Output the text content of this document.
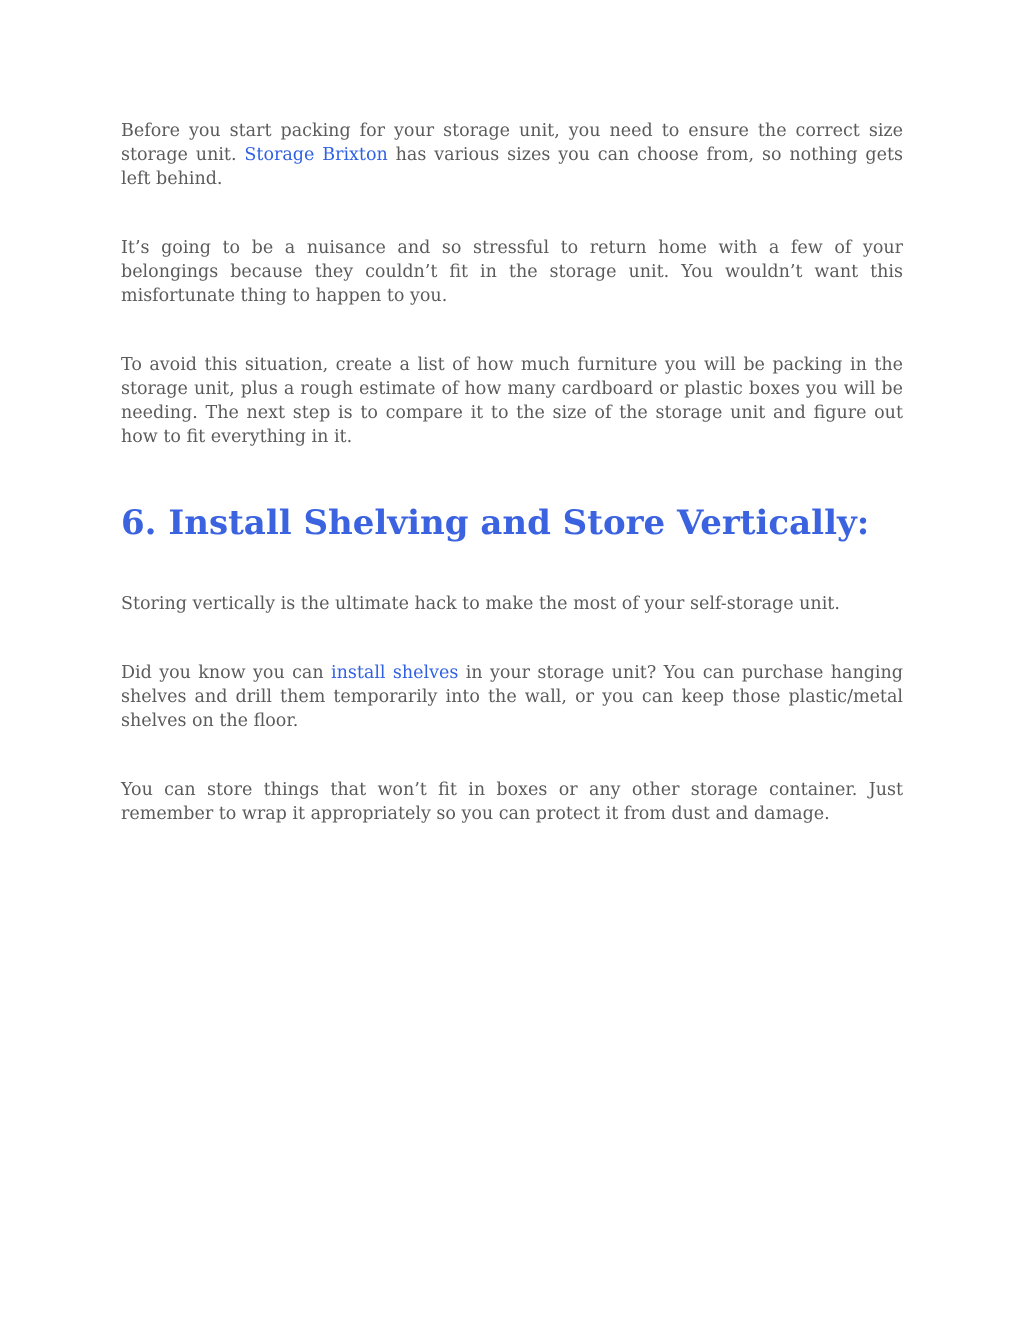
Before you start packing for your storage unit, you need to ensure the correct size storage unit. Storage Brixton has various sizes you can choose from, so nothing gets left behind.

It’s going to be a nuisance and so stressful to return home with a few of your belongings because they couldn’t fit in the storage unit. You wouldn’t want this misfortunate thing to happen to you.

To avoid this situation, create a list of how much furniture you will be packing in the storage unit, plus a rough estimate of how many cardboard or plastic boxes you will be needing. The next step is to compare it to the size of the storage unit and figure out how to fit everything in it.

6. Install Shelving and Store Vertically:

Storing vertically is the ultimate hack to make the most of your self-storage unit.

Did you know you can install shelves in your storage unit? You can purchase hanging shelves and drill them temporarily into the wall, or you can keep those plastic/metal shelves on the floor.

You can store things that won’t fit in boxes or any other storage container. Just remember to wrap it appropriately so you can protect it from dust and damage.
